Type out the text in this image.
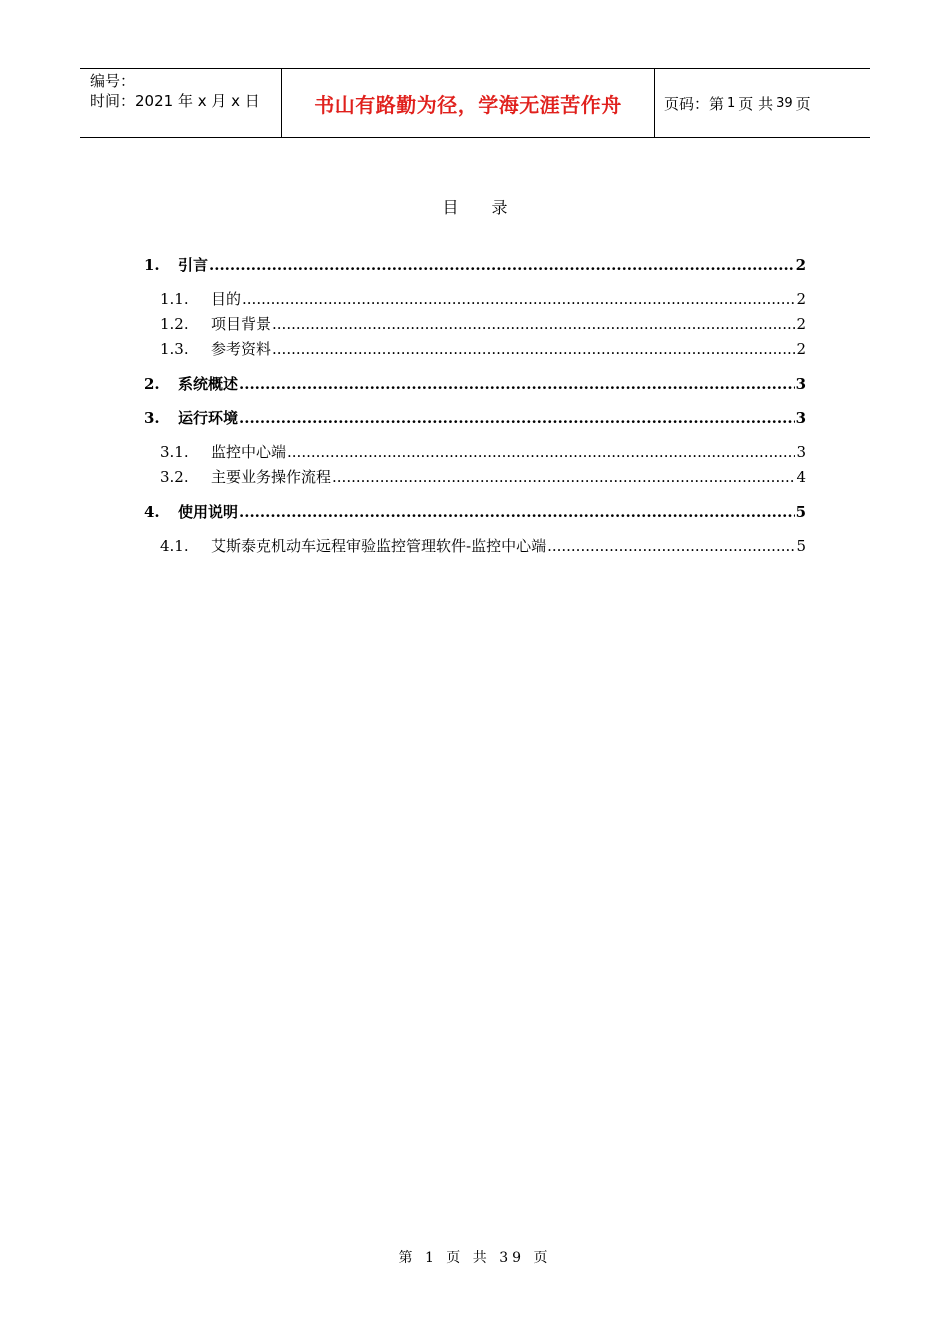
编号：
时间：2021 年 x 月 x 日	书山有路勤为径，学海无涯苦作舟	页码：第 1 页 共 39 页
目 录
1.	引言 .....	2
1.1.	目的 .....	2
1.2.	项目背景 .....	2
1.3.	参考资料 .....	2
2.	系统概述 .....	3
3.	运行环境 .....	3
3.1.	监控中心端 .....	3
3.2.	主要业务操作流程 .....	4
4.	使用说明 .....	5
4.1.	艾斯泰克机动车远程审验监控管理软件-监控中心端 .....	5
第 1 页 共 39 页
